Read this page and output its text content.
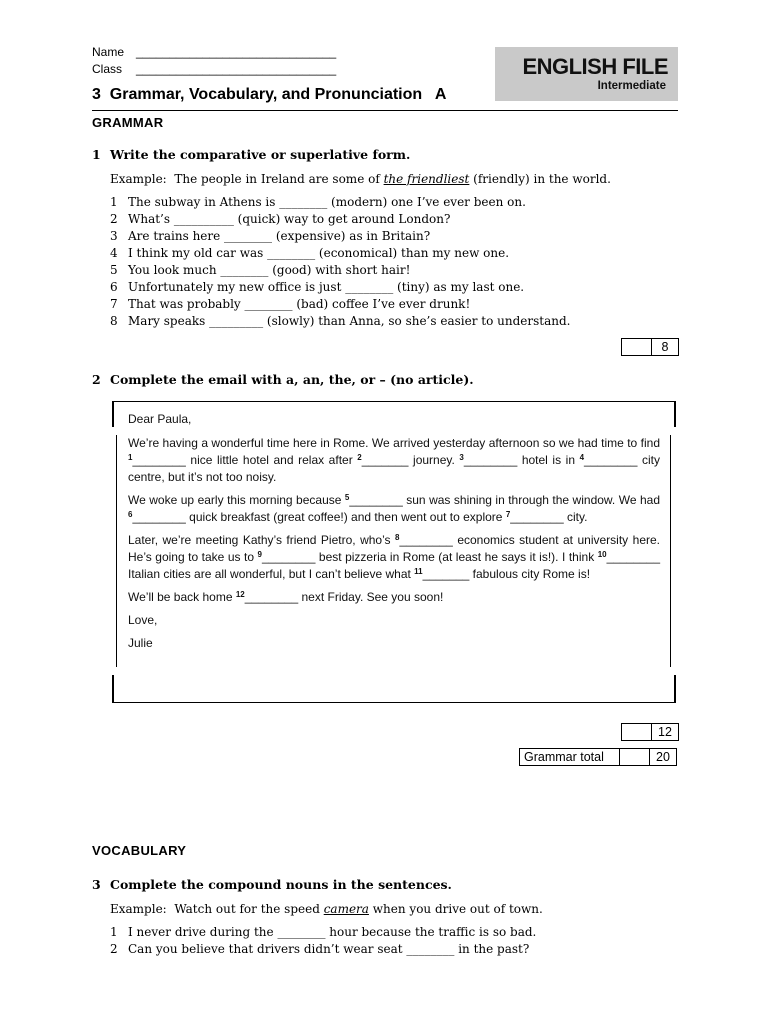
Name ______________________________
Class ______________________________	ENGLISH FILE
Intermediate
3  Grammar, Vocabulary, and Pronunciation   A
GRAMMAR
1 Write the comparative or superlative form.
Example:  The people in Ireland are some of the friendliest (friendly) in the world.
1 The subway in Athens is ________ (modern) one I’ve ever been on.
2 What’s __________ (quick) way to get around London?
3 Are trains here ________ (expensive) as in Britain?
4 I think my old car was ________ (economical) than my new one.
5 You look much ________ (good) with short hair!
6 Unfortunately my new office is just ________ (tiny) as my last one.
7 That was probably ________ (bad) coffee I’ve ever drunk!
8 Mary speaks _________ (slowly) than Anna, so she’s easier to understand.
8
2 Complete the email with a, an, the, or – (no article).

Dear Paula,

We’re having a wonderful time here in Rome. We arrived yesterday afternoon so we had time to find $^1$________ nice little hotel and relax after $^2$_______ journey. $^3$________ hotel is in $^4$________ city centre, but it’s not too noisy.

We woke up early this morning because $^5$________ sun was shining in through the window. We had $^6$________ quick breakfast (great coffee!) and then went out to explore $^7$________ city.

Later, we’re meeting Kathy’s friend Pietro, who’s $^8$________ economics student at university here. He’s going to take us to $^9$________ best pizzeria in Rome (at least he says it is!). I think $^{10}$________ Italian cities are all wonderful, but I can’t believe what $^{11}$_______ fabulous city Rome is!

We’ll be back home $^{12}$________ next Friday. See you soon!

Love,

Julie

12
Grammar total	20
VOCABULARY
3 Complete the compound nouns in the sentences.
Example:  Watch out for the speed camera when you drive out of town.
1 I never drive during the ________ hour because the traffic is so bad.
2 Can you believe that drivers didn’t wear seat ________ in the past?
